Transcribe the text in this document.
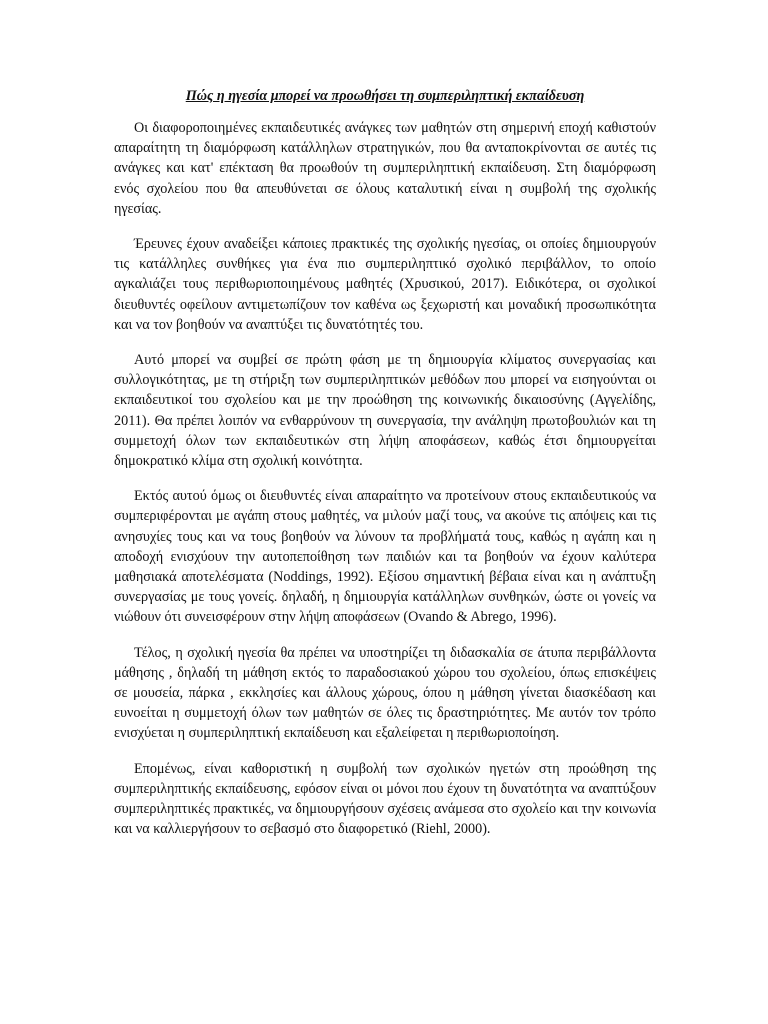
Πώς η ηγεσία μπορεί να προωθήσει τη συμπεριληπτική εκπαίδευση

Οι διαφοροποιημένες εκπαιδευτικές ανάγκες των μαθητών στη σημερινή εποχή καθιστούν απαραίτητη τη διαμόρφωση κατάλληλων στρατηγικών, που θα ανταποκρίνονται σε αυτές τις ανάγκες και κατ' επέκταση θα προωθούν τη συμπεριληπτική εκπαίδευση. Στη διαμόρφωση ενός σχολείου που θα απευθύνεται σε όλους καταλυτική είναι η συμβολή της σχολικής ηγεσίας.

Έρευνες έχουν αναδείξει κάποιες πρακτικές της σχολικής ηγεσίας, οι οποίες δημιουργούν τις κατάλληλες συνθήκες για ένα πιο συμπεριληπτικό σχολικό περιβάλλον, το οποίο αγκαλιάζει τους περιθωριοποιημένους μαθητές (Χρυσικού, 2017). Ειδικότερα, οι σχολικοί διευθυντές οφείλουν αντιμετωπίζουν τον καθένα ως ξεχωριστή και μοναδική προσωπικότητα και να τον βοηθούν να αναπτύξει τις δυνατότητές του.

Αυτό μπορεί να συμβεί σε πρώτη φάση με τη δημιουργία κλίματος συνεργασίας και συλλογικότητας, με τη στήριξη των συμπεριληπτικών μεθόδων που μπορεί να εισηγούνται οι εκπαιδευτικοί του σχολείου και με την προώθηση της κοινωνικής δικαιοσύνης (Αγγελίδης, 2011). Θα πρέπει λοιπόν να ενθαρρύνουν τη συνεργασία, την ανάληψη πρωτοβουλιών και τη συμμετοχή όλων των εκπαιδευτικών στη λήψη αποφάσεων, καθώς έτσι δημιουργείται δημοκρατικό κλίμα στη σχολική κοινότητα.

Εκτός αυτού όμως οι διευθυντές είναι απαραίτητο να προτείνουν στους εκπαιδευτικούς να συμπεριφέρονται με αγάπη στους μαθητές, να μιλούν μαζί τους, να ακούνε τις απόψεις και τις ανησυχίες τους και να τους βοηθούν να λύνουν τα προβλήματά τους, καθώς η αγάπη και η αποδοχή ενισχύουν την αυτοπεποίθηση των παιδιών και τα βοηθούν να έχουν καλύτερα μαθησιακά αποτελέσματα (Noddings, 1992). Εξίσου σημαντική βέβαια είναι και η ανάπτυξη συνεργασίας με τους γονείς. δηλαδή, η δημιουργία κατάλληλων συνθηκών, ώστε οι γονείς να νιώθουν ότι συνεισφέρουν στην λήψη αποφάσεων (Ovando & Abrego, 1996).

Τέλος, η σχολική ηγεσία θα πρέπει να υποστηρίζει τη διδασκαλία σε άτυπα περιβάλλοντα μάθησης , δηλαδή τη μάθηση εκτός το παραδοσιακού χώρου του σχολείου, όπως επισκέψεις σε μουσεία, πάρκα , εκκλησίες και άλλους χώρους, όπου η μάθηση γίνεται διασκέδαση και ευνοείται η συμμετοχή όλων των μαθητών σε όλες τις δραστηριότητες. Με αυτόν τον τρόπο ενισχύεται η συμπεριληπτική εκπαίδευση και εξαλείφεται η περιθωριοποίηση.

Επομένως, είναι καθοριστική η συμβολή των σχολικών ηγετών στη προώθηση της συμπεριληπτικής εκπαίδευσης, εφόσον είναι οι μόνοι που έχουν τη δυνατότητα να αναπτύξουν συμπεριληπτικές πρακτικές, να δημιουργήσουν σχέσεις ανάμεσα στο σχολείο και την κοινωνία και να καλλιεργήσουν το σεβασμό στο διαφορετικό (Riehl, 2000).
